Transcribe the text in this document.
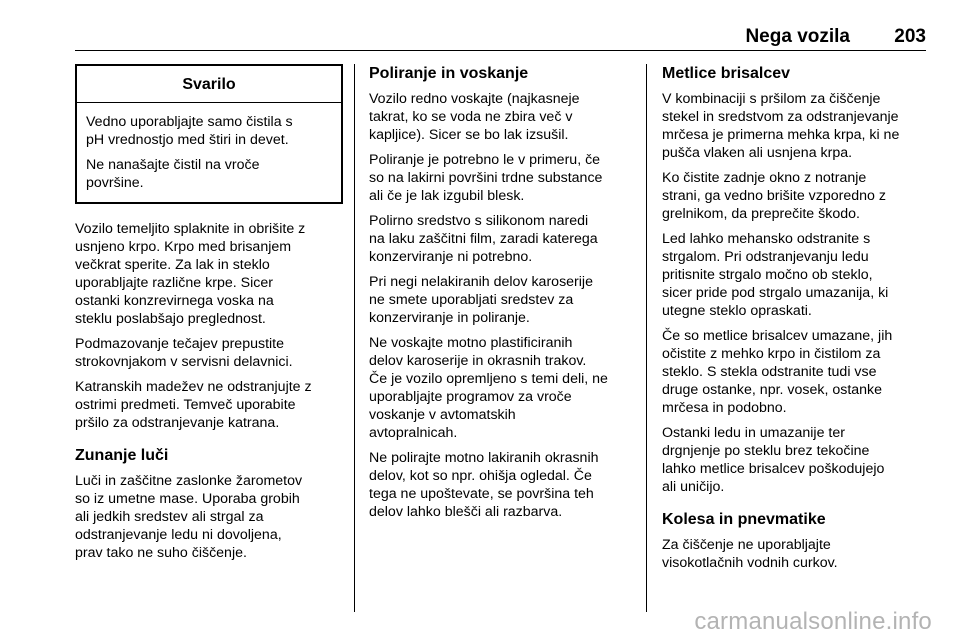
Nega vozila 203
Svarilo

Vedno uporabljajte samo čistila s
pH vrednostjo med štiri in devet.

Ne nanašajte čistil na vroče
površine.

Vozilo temeljito splaknite in obrišite z
usnjeno krpo. Krpo med brisanjem
večkrat sperite. Za lak in steklo
uporabljajte različne krpe. Sicer
ostanki konzrevirnega voska na
steklu poslabšajo preglednost.

Podmazovanje tečajev prepustite
strokovnjakom v servisni delavnici.

Katranskih madežev ne odstranjujte z
ostrimi predmeti. Temveč uporabite
pršilo za odstranjevanje katrana.

Zunanje luči

Luči in zaščitne zaslonke žarometov
so iz umetne mase. Uporaba grobih
ali jedkih sredstev ali strgal za
odstranjevanje ledu ni dovoljena,
prav tako ne suho čiščenje.

Poliranje in voskanje

Vozilo redno voskajte (najkasneje
takrat, ko se voda ne zbira več v
kapljice). Sicer se bo lak izsušil.

Poliranje je potrebno le v primeru, če
so na lakirni površini trdne substance
ali če je lak izgubil blesk.

Polirno sredstvo s silikonom naredi
na laku zaščitni film, zaradi katerega
konzerviranje ni potrebno.

Pri negi nelakiranih delov karoserije
ne smete uporabljati sredstev za
konzerviranje in poliranje.

Ne voskajte motno plastificiranih
delov karoserije in okrasnih trakov.
Če je vozilo opremljeno s temi deli, ne
uporabljajte programov za vroče
voskanje v avtomatskih
avtopralnicah.

Ne polirajte motno lakiranih okrasnih
delov, kot so npr. ohišja ogledal. Če
tega ne upoštevate, se površina teh
delov lahko blešči ali razbarva.

Metlice brisalcev

V kombinaciji s pršilom za čiščenje
stekel in sredstvom za odstranjevanje
mrčesa je primerna mehka krpa, ki ne
pušča vlaken ali usnjena krpa.

Ko čistite zadnje okno z notranje
strani, ga vedno brišite vzporedno z
grelnikom, da preprečite škodo.

Led lahko mehansko odstranite s
strgalom. Pri odstranjevanju ledu
pritisnite strgalo močno ob steklo,
sicer pride pod strgalo umazanija, ki
utegne steklo opraskati.

Če so metlice brisalcev umazane, jih
očistite z mehko krpo in čistilom za
steklo. S stekla odstranite tudi vse
druge ostanke, npr. vosek, ostanke
mrčesa in podobno.

Ostanki ledu in umazanije ter
drgnjenje po steklu brez tekočine
lahko metlice brisalcev poškodujejo
ali uničijo.

Kolesa in pnevmatike

Za čiščenje ne uporabljajte
visokotlačnih vodnih curkov.

carmanualsonline.info
